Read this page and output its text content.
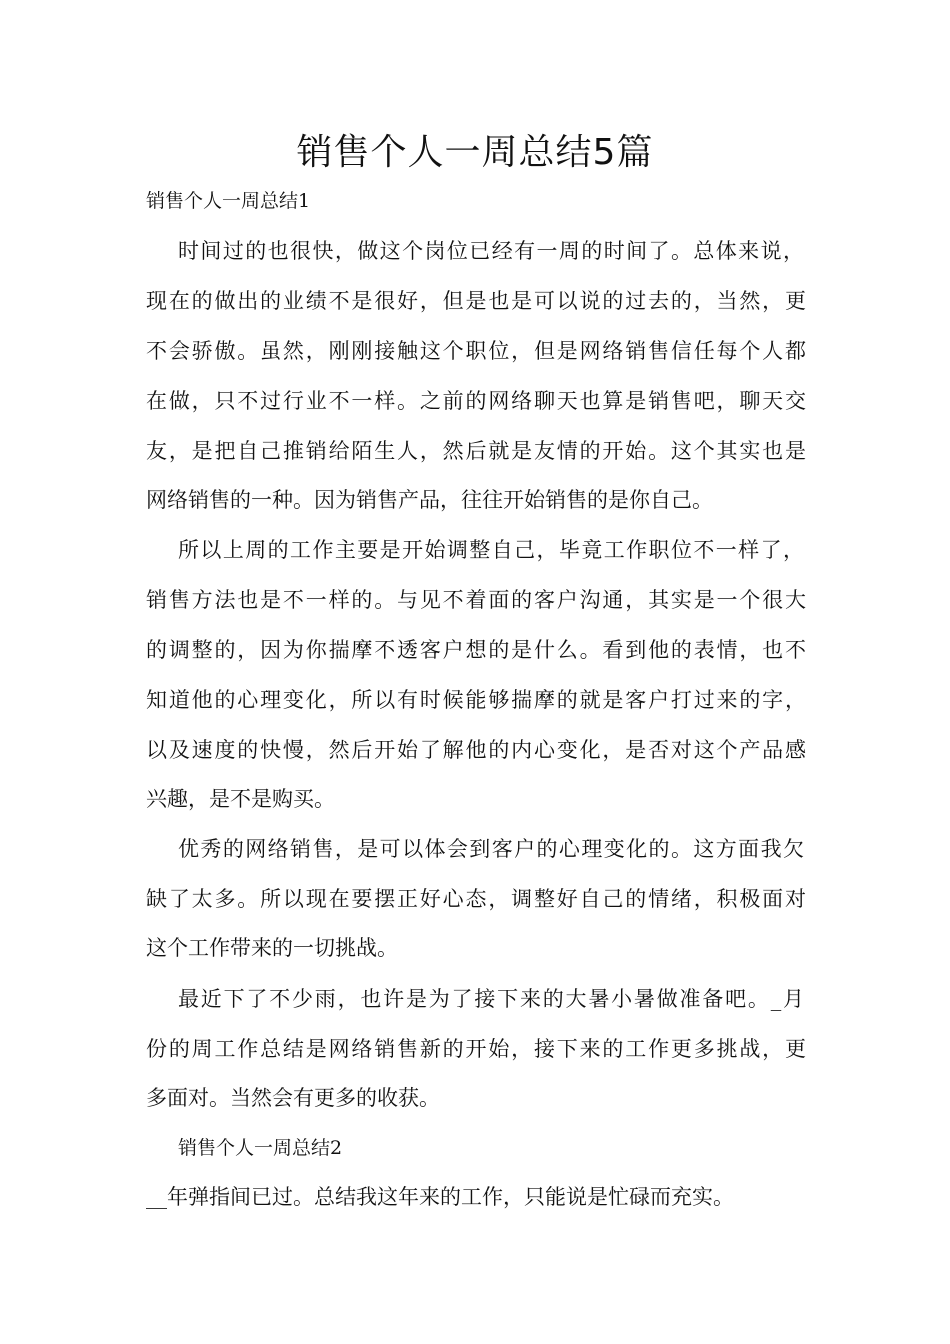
销售个人一周总结5篇
销售个人一周总结1
时间过的也很快，做这个岗位已经有一周的时间了。总体来说，
现在的做出的业绩不是很好，但是也是可以说的过去的，当然，更
不会骄傲。虽然，刚刚接触这个职位，但是网络销售信任每个人都
在做，只不过行业不一样。之前的网络聊天也算是销售吧，聊天交
友，是把自己推销给陌生人，然后就是友情的开始。这个其实也是
网络销售的一种。因为销售产品，往往开始销售的是你自己。
所以上周的工作主要是开始调整自己，毕竟工作职位不一样了，
销售方法也是不一样的。与见不着面的客户沟通，其实是一个很大
的调整的，因为你揣摩不透客户想的是什么。看到他的表情，也不
知道他的心理变化，所以有时候能够揣摩的就是客户打过来的字，
以及速度的快慢，然后开始了解他的内心变化，是否对这个产品感
兴趣，是不是购买。
优秀的网络销售，是可以体会到客户的心理变化的。这方面我欠
缺了太多。所以现在要摆正好心态，调整好自己的情绪，积极面对
这个工作带来的一切挑战。
最近下了不少雨，也许是为了接下来的大暑小暑做准备吧。_月
份的周工作总结是网络销售新的开始，接下来的工作更多挑战，更
多面对。当然会有更多的收获。
销售个人一周总结2
__年弹指间已过。总结我这年来的工作，只能说是忙碌而充实。
